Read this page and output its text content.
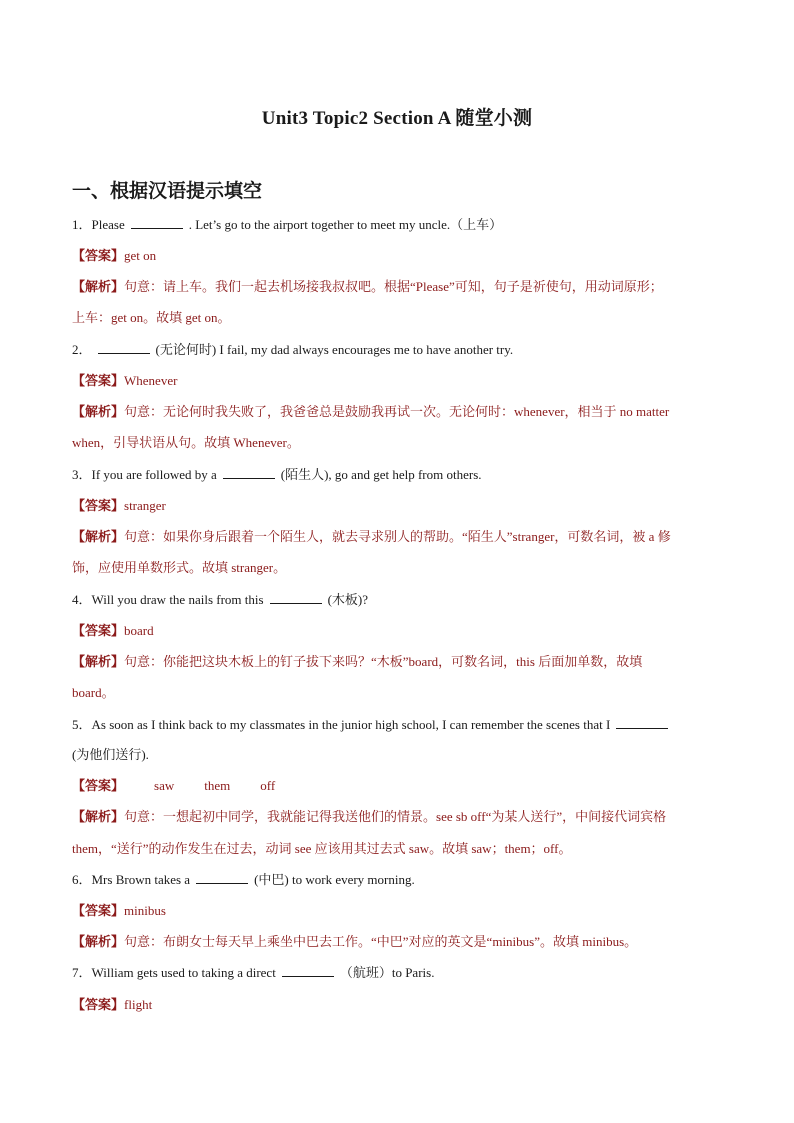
Unit3 Topic2 Section A 随堂小测
一、根据汉语提示填空
1．Please	. Let’s go to the airport together to meet my uncle.（上车）
【答案】get on
【解析】句意：请上车。我们一起去机场接我叔叔吧。根据“Please”可知，句子是祈使句，用动词原形；
上车：get on。故填 get on。
2．	(无论何时) I fail, my dad always encourages me to have another try.
【答案】Whenever
【解析】句意：无论何时我失败了，我爸爸总是鼓励我再试一次。无论何时：whenever，相当于 no matter
when，引导状语从句。故填 Whenever。
3．If you are followed by a	(陌生人), go and get help from others.
【答案】stranger
【解析】句意：如果你身后跟着一个陌生人，就去寻求别人的帮助。“陌生人”stranger，可数名词，被 a 修
饰，应使用单数形式。故填 stranger。
4．Will you draw the nails from this	(木板)?
【答案】board
【解析】句意：你能把这块木板上的钉子拔下来吗？“木板”board，可数名词，this 后面加单数，故填
board。
5．As soon as I think back to my classmates in the junior high school, I can remember the scenes that I
(为他们送行).
【答案】 saw them off
【解析】句意：一想起初中同学，我就能记得我送他们的情景。see sb off“为某人送行”，中间接代词宾格
them，“送行”的动作发生在过去，动词 see 应该用其过去式 saw。故填 saw；them；off。
6．Mrs Brown takes a	(中巴) to work every morning.
【答案】minibus
【解析】句意：布朗女士每天早上乘坐中巴去工作。“中巴”对应的英文是“minibus”。故填 minibus。
7．William gets used to taking a direct	（航班）to Paris.
【答案】flight
